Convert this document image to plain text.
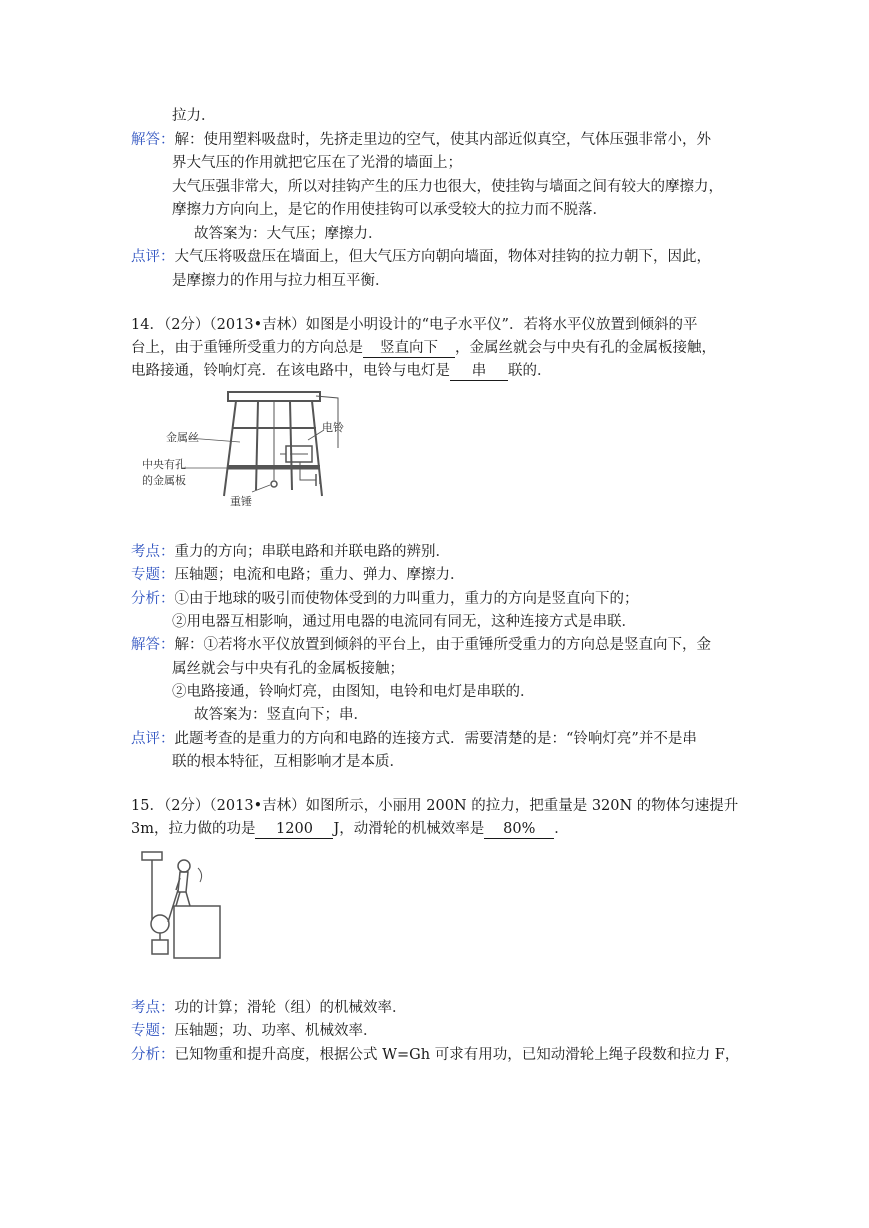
拉力．
解答：解：使用塑料吸盘时，先挤走里边的空气，使其内部近似真空，气体压强非常小，外
界大气压的作用就把它压在了光滑的墙面上；
大气压强非常大，所以对挂钩产生的压力也很大，使挂钩与墙面之间有较大的摩擦力，
摩擦力方向向上，是它的作用使挂钩可以承受较大的拉力而不脱落．
故答案为：大气压；摩擦力．
点评：大气压将吸盘压在墙面上，但大气压方向朝向墙面，物体对挂钩的拉力朝下，因此，
是摩擦力的作用与拉力相互平衡．
14．（2分）（2013•吉林）如图是小明设计的“电子水平仪”．若将水平仪放置到倾斜的平
台上，由于重锤所受重力的方向总是 竖直向下 ，金属丝就会与中央有孔的金属板接触，
电路接通，铃响灯亮．在该电路中，电铃与电灯是 串 联的．
金属丝
电铃
中央有孔
的金属板
重锤
考点：重力的方向；串联电路和并联电路的辨别．
专题：压轴题；电流和电路；重力、弹力、摩擦力．
分析：①由于地球的吸引而使物体受到的力叫重力，重力的方向是竖直向下的；
②用电器互相影响，通过用电器的电流同有同无，这种连接方式是串联．
解答：解：①若将水平仪放置到倾斜的平台上，由于重锤所受重力的方向总是竖直向下，金
属丝就会与中央有孔的金属板接触；
②电路接通，铃响灯亮，由图知，电铃和电灯是串联的．
故答案为：竖直向下；串．
点评：此题考查的是重力的方向和电路的连接方式．需要清楚的是：“铃响灯亮”并不是串
联的根本特征，互相影响才是本质．
15．（2分）（2013•吉林）如图所示，小丽用 200N 的拉力，把重量是 320N 的物体匀速提升
3m，拉力做的功是 1200 J，动滑轮的机械效率是 80% ．
考点：功的计算；滑轮（组）的机械效率．
专题：压轴题；功、功率、机械效率．
分析：已知物重和提升高度，根据公式 W=Gh 可求有用功，已知动滑轮上绳子段数和拉力 F，
